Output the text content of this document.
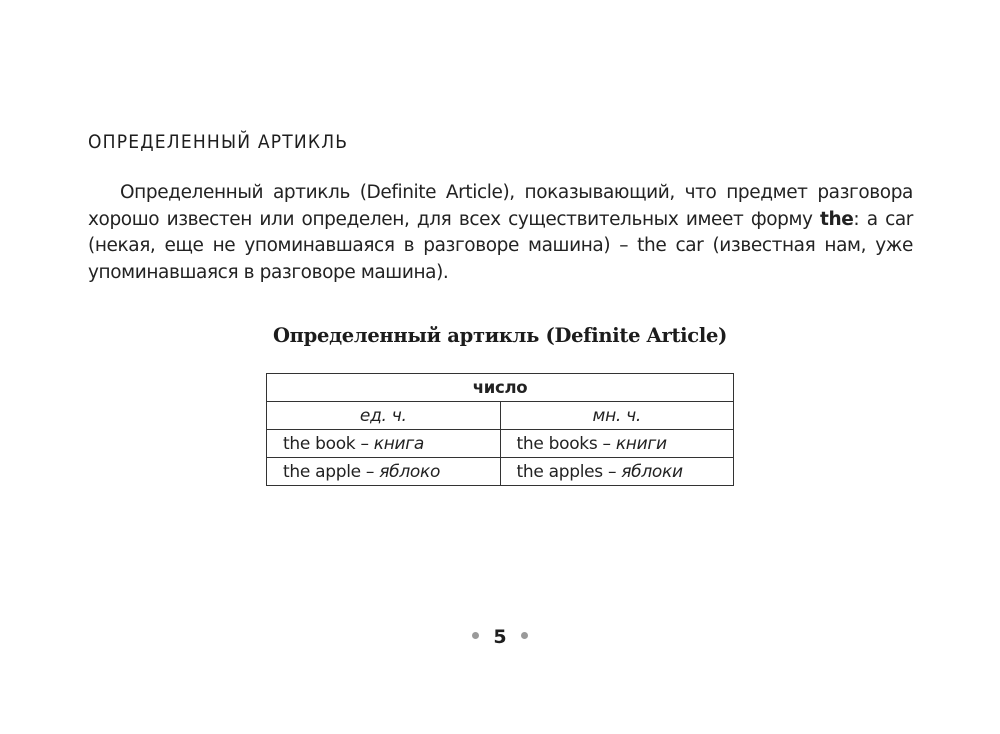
ОПРЕДЕЛЕННЫЙ АРТИКЛЬ

Определенный артикль (Definite Article), показывающий, что предмет разговора хорошо известен или определен, для всех существительных имеет форму the: a car (некая, еще не упоминавшаяся в разговоре машина) – the car (известная нам, уже упоминавшаяся в разговоре машина).

Определенный артикль (Definite Article)
число	
ед. ч.	мн. ч.
the book – книга	the books – книги
the apple – яблоко	the apples – яблоки
5
